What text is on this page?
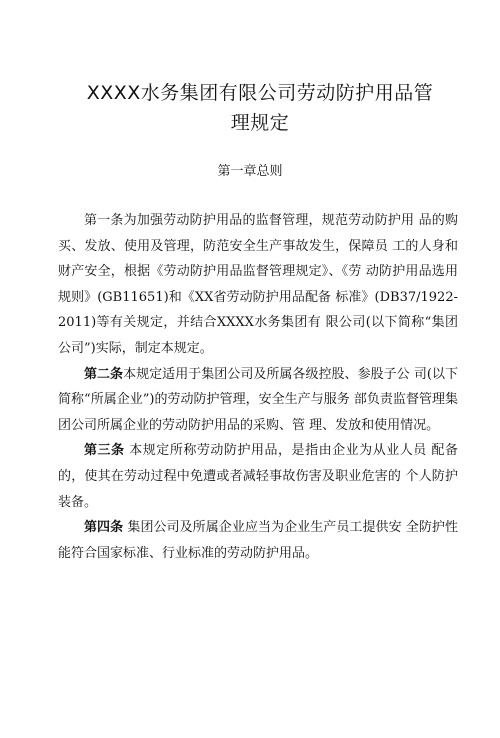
XXXX水务集团有限公司劳动防护用品管
理规定
第一章总则

第一条为加强劳动防护用品的监督管理，规范劳动防护用 品的购买、发放、使用及管理，防范安全生产事故发生，保障员 工的人身和财产安全，根据《劳动防护用品监督管理规定》、《劳 动防护用品选用规则》(GB11651)和《XX省劳动防护用品配备 标准》(DB37/1922-2011)等有关规定，并结合XXXX水务集团有 限公司(以下简称“集团公司”)实际，制定本规定。

第二条本规定适用于集团公司及所属各级控股、参股子公 司(以下简称“所属企业”)的劳动防护管理，安全生产与服务 部负责监督管理集团公司所属企业的劳动防护用品的采购、管 理、发放和使用情况。

第三条 本规定所称劳动防护用品，是指由企业为从业人员 配备的，使其在劳动过程中免遭或者减轻事故伤害及职业危害的 个人防护装备。

第四条 集团公司及所属企业应当为企业生产员工提供安 全防护性能符合国家标准、行业标准的劳动防护用品。
